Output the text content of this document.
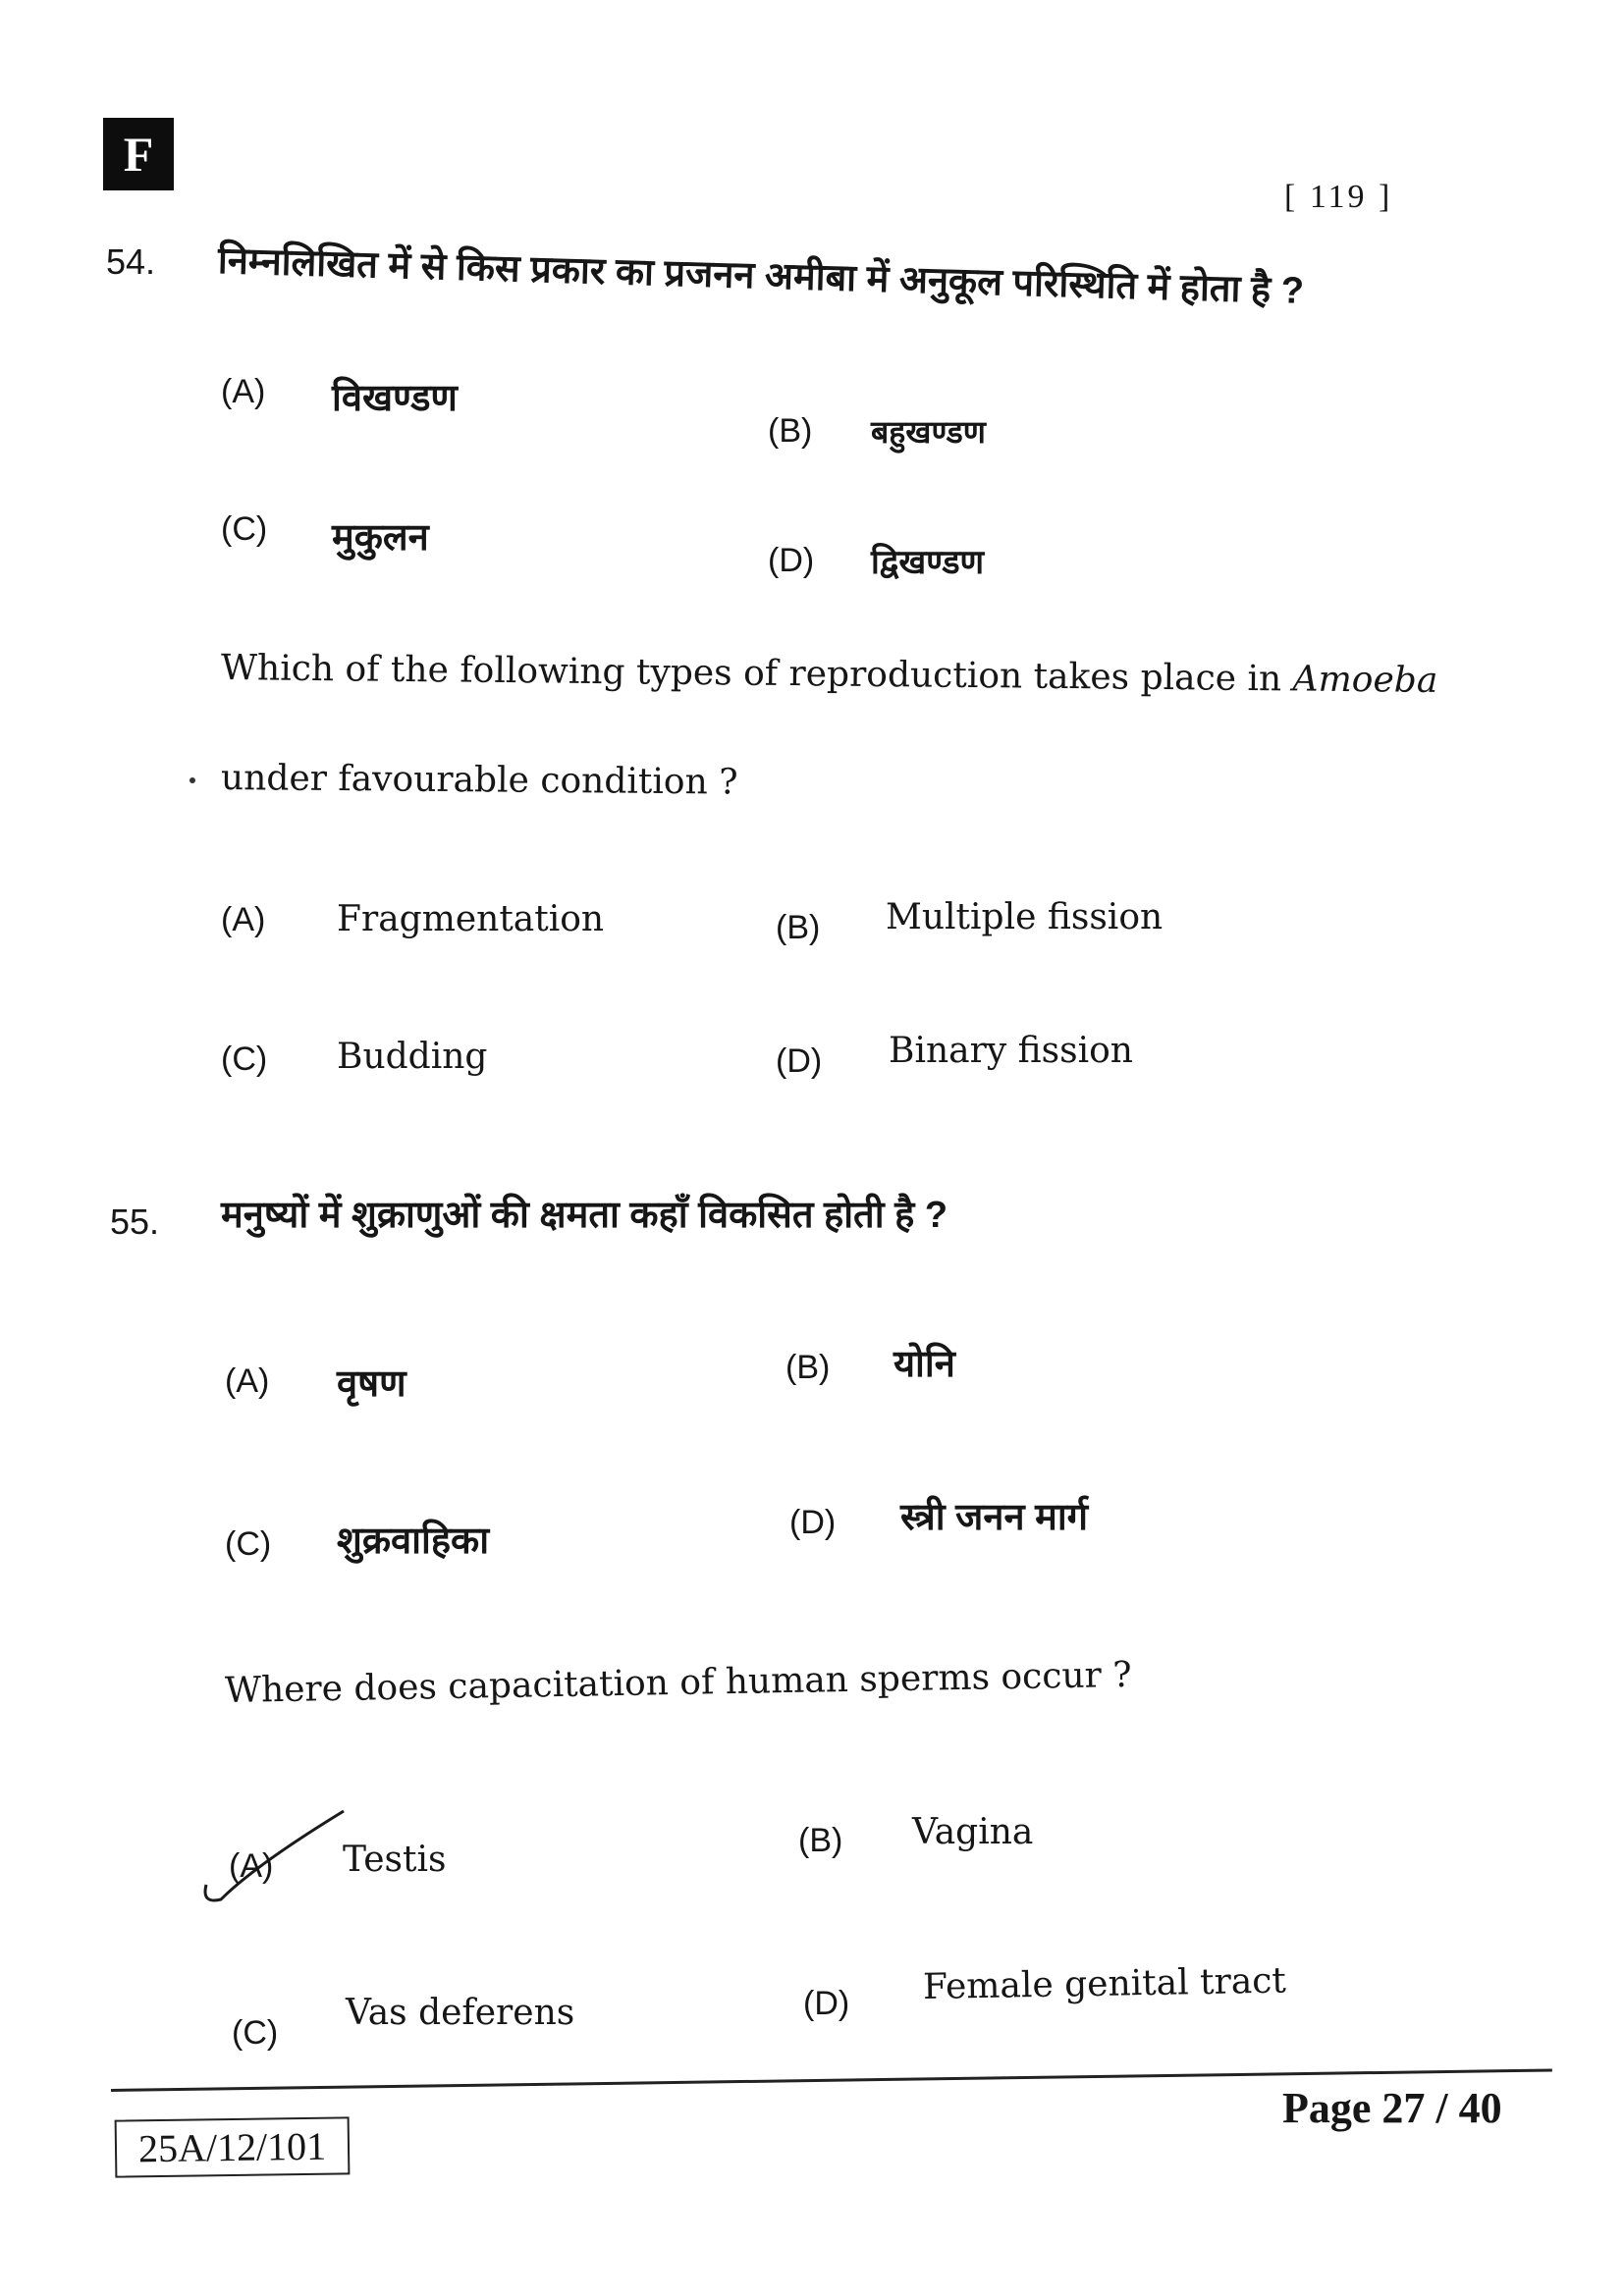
F
[ 119 ]
54. निम्नलिखित में से किस प्रकार का प्रजनन अमीबा में अनुकूल परिस्थिति में होता है ?
(A) विखण्डण
(B) बहुखण्डण
(C) मुकुलन
(D) द्विखण्डण
Which of the following types of reproduction takes place in Amoeba
under favourable condition ?
(A) Fragmentation	(B) Multiple fission
(C) Budding	(D) Binary fission
55. मनुष्यों में शुक्राणुओं की क्षमता कहाँ विकसित होती है ?
(A) वृषण	(B) योनि
(C) शुक्रवाहिका	(D) स्त्री जनन मार्ग
Where does capacitation of human sperms occur ?
(A) Testis	(B) Vagina
(C) Vas deferens	(D) Female genital tract
Page 27 / 40
25A/12/101
